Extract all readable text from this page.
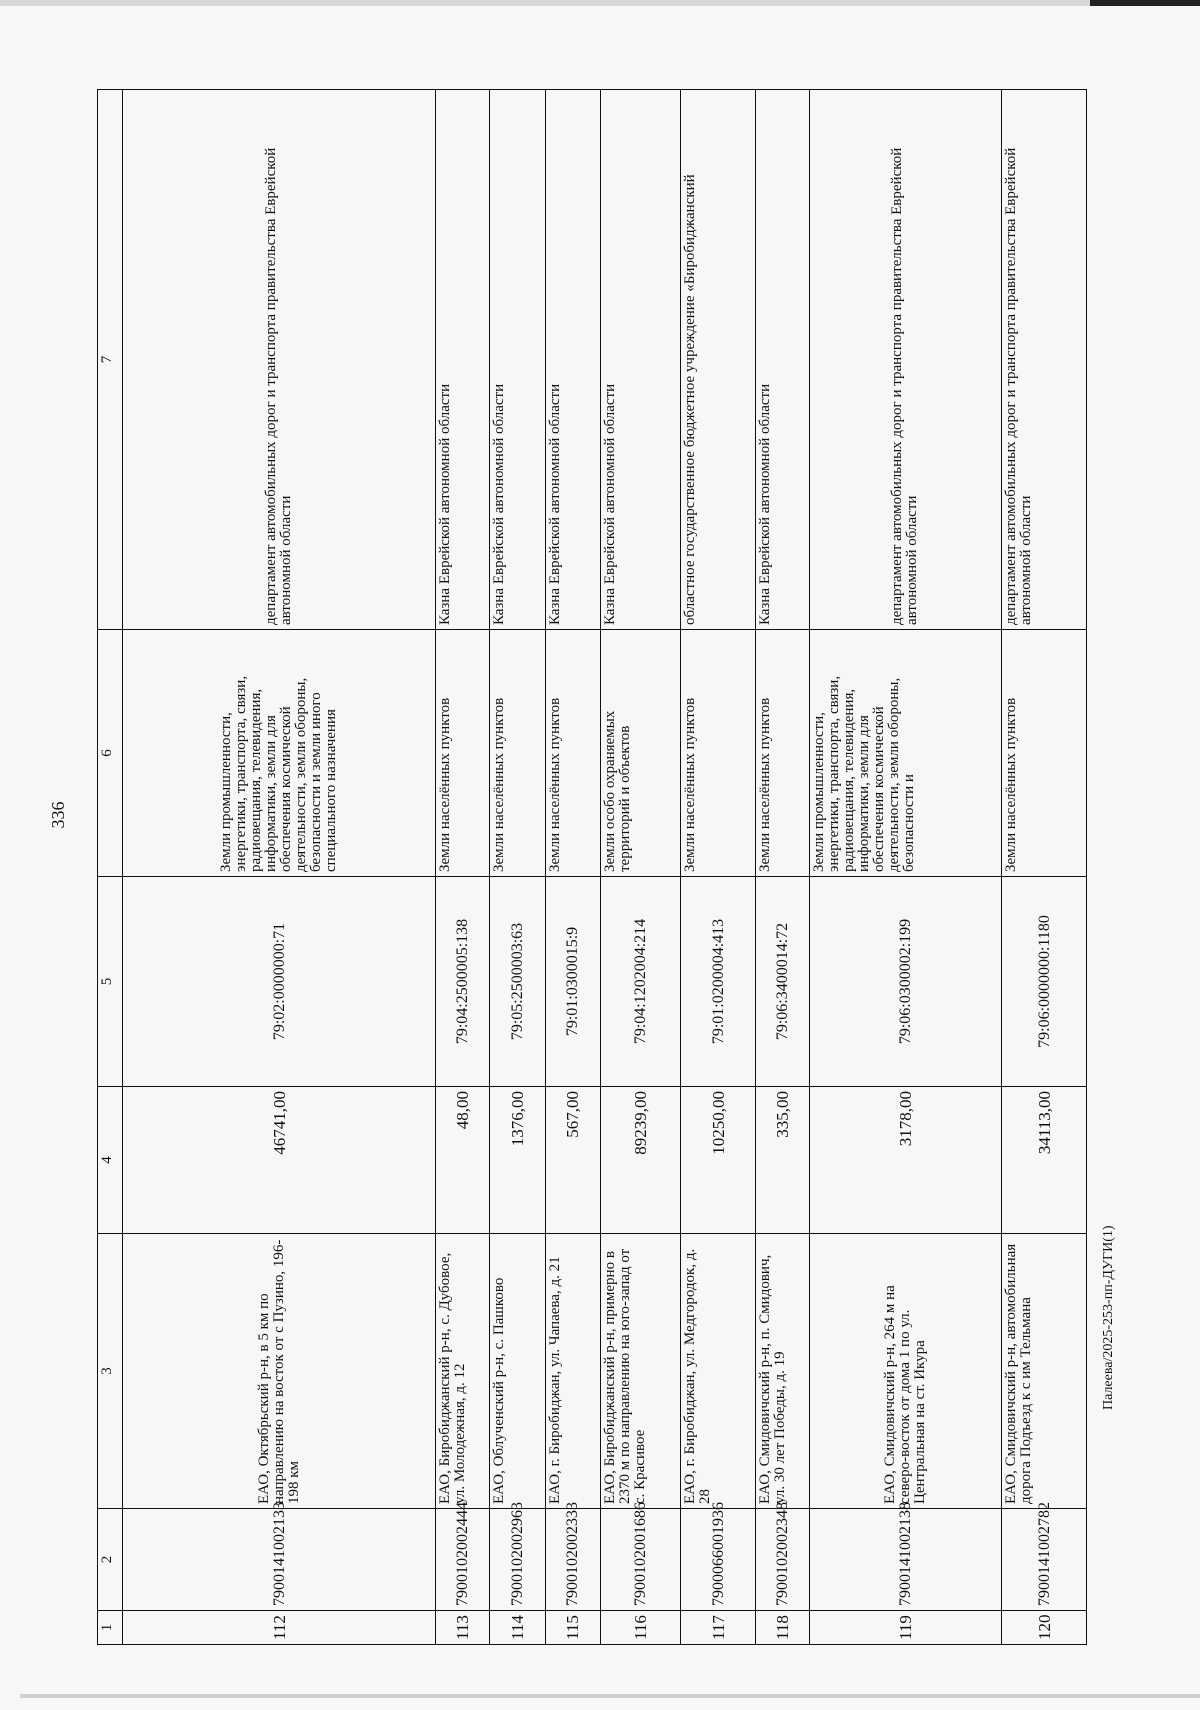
336
Палеева/2025-253-пп-ДУГИ(1)
1	2	3	4	5	6	7
112	7900141002133	ЕАО, Октябрьский р-н, в 5 км по направлению на восток от с Пузино, 196-198 км	46741,00	79:02:0000000:71	Земли промышленности, энергетики, транспорта, связи, радиовещания, телевидения, информатики, земли для обеспечения космической деятельности, земли обороны, безопасности и земли иного специального назначения	департамент автомобильных дорог и транспорта правительства Еврейской автономной области
113	7900102002444	ЕАО, Биробиджанский р-н, с. Дубовое, ул. Молодежная, д. 12	48,00	79:04:2500005:138	Земли населённых пунктов	Казна Еврейской автономной области
114	7900102002963	ЕАО, Облученский р-н, с. Пашково	1376,00	79:05:2500003:63	Земли населённых пунктов	Казна Еврейской автономной области
115	7900102002333	ЕАО, г. Биробиджан, ул. Чапаева, д. 21	567,00	79:01:0300015:9	Земли населённых пунктов	Казна Еврейской автономной области
116	7900102001686	ЕАО, Биробиджанский р-н, примерно в 2370 м по направлению на юго-запад от с. Красивое	89239,00	79:04:1202004:214	Земли особо охраняемых территорий и объектов	Казна Еврейской автономной области
117	7900066001936	ЕАО, г. Биробиджан, ул. Медгородок, д. 28	10250,00	79:01:0200004:413	Земли населённых пунктов	областное государственное бюджетное учреждение «Биробиджанский
118	7900102002348	ЕАО, Смидовичский р-н, п. Смидович, ул. 30 лет Победы, д. 19	335,00	79:06:3400014:72	Земли населённых пунктов	Казна Еврейской автономной области
119	7900141002138	ЕАО, Смидовичский р-н, 264 м на северо-восток от дома 1 по ул. Центральная на ст. Икура	3178,00	79:06:0300002:199	Земли промышленности, энергетики, транспорта, связи, радиовещания, телевидения, информатики, земли для обеспечения космической деятельности, земли обороны, безопасности и	департамент автомобильных дорог и транспорта правительства Еврейской автономной области
120	7900141002782	ЕАО, Смидовичский р-н, автомобильная дорога Подъезд к с им Тельмана	34113,00	79:06:0000000:1180	Земли населённых пунктов	департамент автомобильных дорог и транспорта правительства Еврейской автономной области
